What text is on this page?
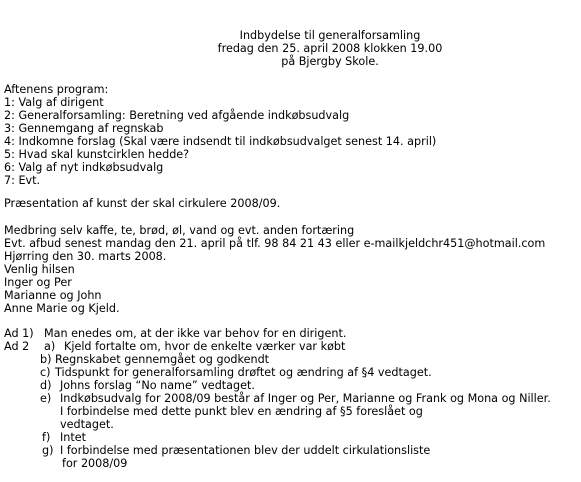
Indbydelse til generalforsamling
fredag den 25. april 2008 klokken 19.00
på Bjergby Skole.
Aftenens program:
1: Valg af dirigent
2: Generalforsamling: Beretning ved afgående indkøbsudvalg
3: Gennemgang af regnskab
4: Indkomne forslag (Skal være indsendt til indkøbsudvalget senest 14. april)
5: Hvad skal kunstcirklen hedde?
6: Valg af nyt indkøbsudvalg
7: Evt.
Præsentation af kunst der skal cirkulere 2008/09.
Medbring selv kaffe, te, brød, øl, vand og evt. anden fortæring
Evt. afbud senest mandag den 21. april på tlf. 98 84 21 43 eller e-mailkjeldchr451@hotmail.com
Hjørring den 30. marts 2008.
Venlig hilsen
Inger og Per
Marianne og John
Anne Marie og Kjeld.
Ad 1) Man enedes om, at der ikke var behov for en dirigent.
Ad 2 a) Kjeld fortalte om, hvor de enkelte værker var købt
b) Regnskabet gennemgået og godkendt
c) Tidspunkt for generalforsamling drøftet og ændring af §4 vedtaget.
d) Johns forslag “No name” vedtaget.
e) Indkøbsudvalg for 2008/09 består af Inger og Per, Marianne og Frank og Mona og Niller.
I forbindelse med dette punkt blev en ændring af §5 foreslået og
vedtaget.
f) Intet
g) I forbindelse med præsentationen blev der uddelt cirkulationsliste
for 2008/09
